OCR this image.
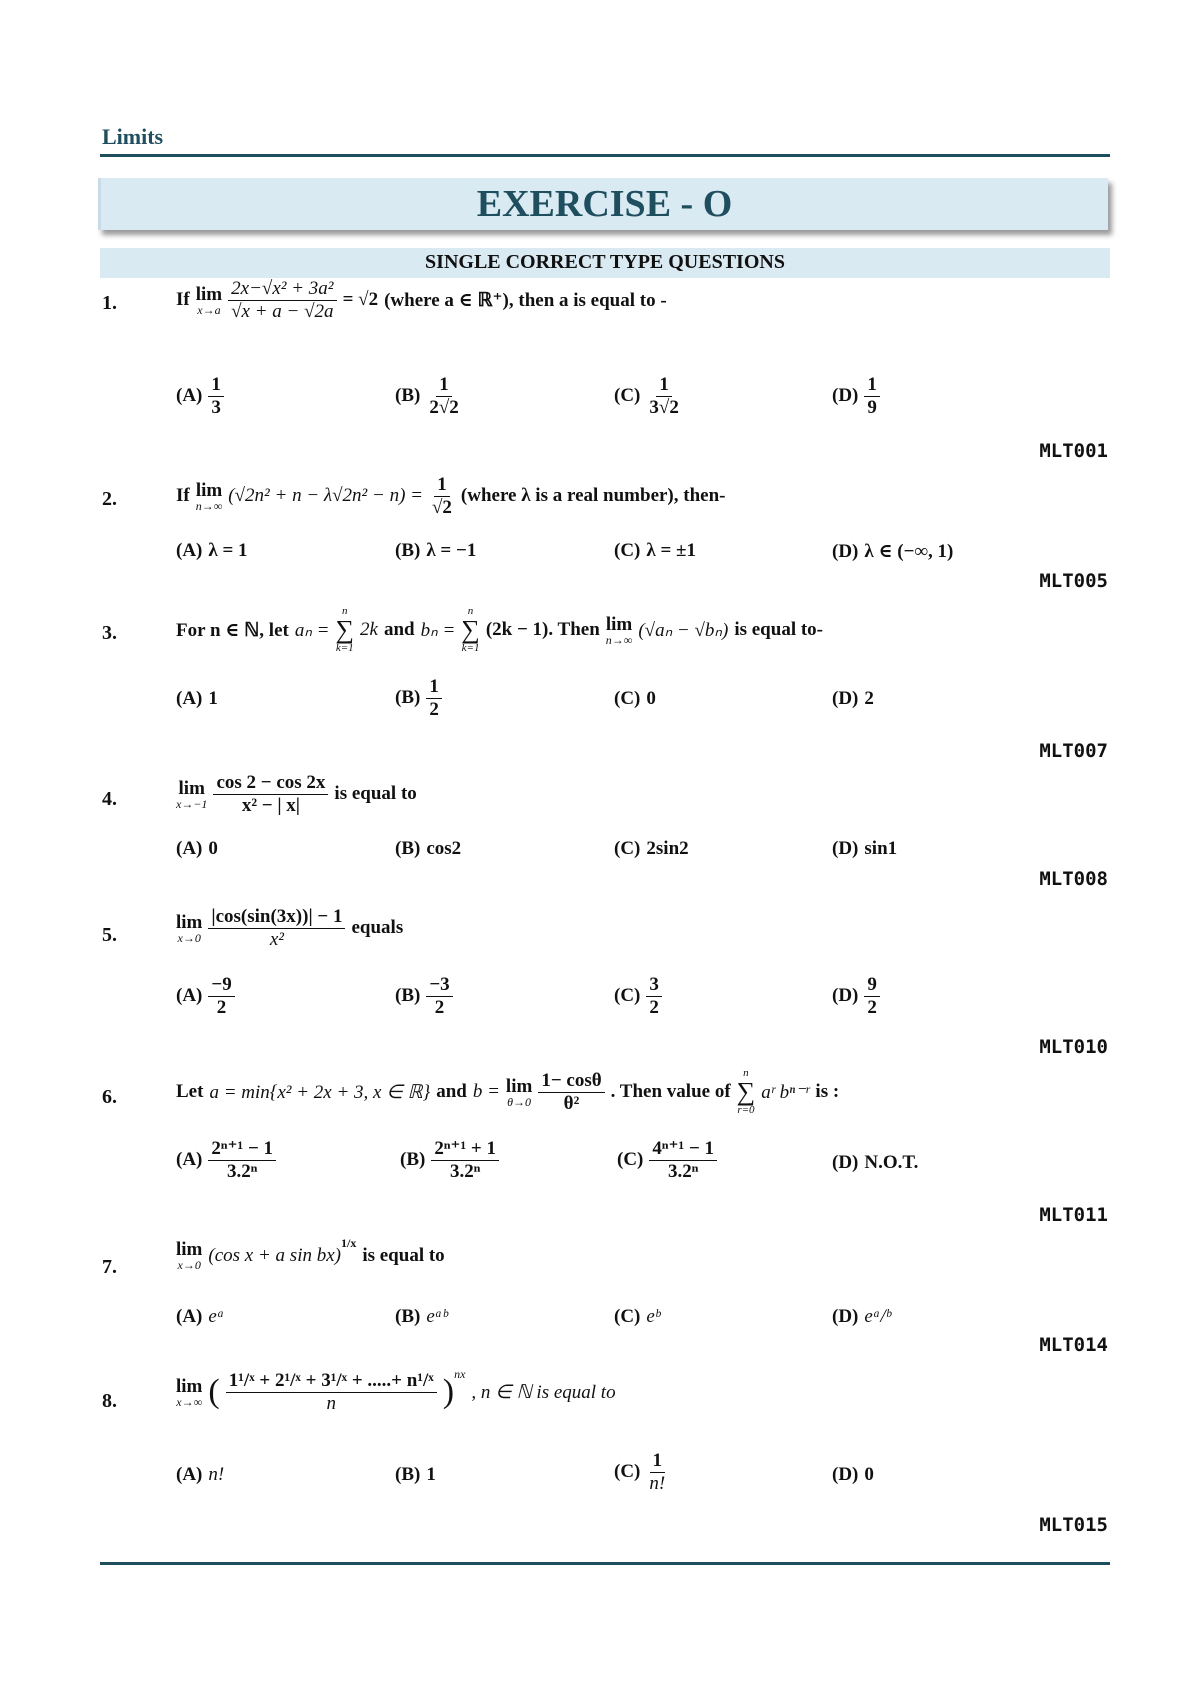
Limits
EXERCISE - O
SINGLE CORRECT TYPE QUESTIONS
1.	If lim
$x\to a \frac{\text{2x−√x² + 3a²}}{√x + a - √2a} = √2$ (where a ∈ ℝ⁺), then a is equal to -
$(A) \frac{1}{3}$	$(B) \frac{1}{2√2}$	$(C) \frac{1}{3√2}$	$(D) \frac{1}{9}$
MLT001
2.	If lim
n→∞ $(√2n^2 + n - \lambda√2n^2 - n) = \frac{1}{√2}$ (where λ is a real number), then-
(A) λ = 1	(B) λ = −1	(C) λ = ±1	(D) λ ∈ (−∞, 1)
MLT005
3.	For n ∈ ℕ, let aₙ =
n
∑
k=1
2k and bₙ =
n
∑
k=1
(2k − 1). Then lim
n→∞ (√aₙ − √bₙ) is equal to-
(A) 1	$(B) \frac{1}{2}$	(C) 0	(D) 2
MLT007
4.	lim
$x\to-1 \frac{\cos 2 - \cos 2x}{\text{x² − | x|}}$ is equal to
(A) 0	(B) cos2	(C) 2sin2	(D) sin1
MLT008
5.
lim
$x\to 0 \frac{|\cos(\sin(3x))| - 1}{\text{x²}}$ equals
$(A) \frac{-9}{2}$	$(B) \frac{-3}{2}$	$(C) \frac{3}{2}$	$(D) \frac{9}{2}$
MLT010
6.	Let a = min{x² + 2x + 3, x ∈ ℝ} and b = lim
$\theta\to 0 \frac{1- \cos\theta}{\text{θ²}}$ . Then value of
n
∑
r=0
aʳ bⁿ⁻ʳ is :
$(A) \frac{\text{2ⁿ⁺¹ − 1}}{\text{3.2ⁿ}}$	$(B) \frac{\text{2ⁿ⁺¹ + 1}}{\text{3.2ⁿ}}$	$(C) \frac{\text{4ⁿ⁺¹ − 1}}{\text{3.2ⁿ}}$	(D) N.O.T.
MLT011
7.
lim
x→0 (cos x + a sin bx)
1/x
is equal to
(A) eᵃ	(B) eᵃᵇ	(C) eᵇ	(D) eᵃ/ᵇ
MLT014
8.
lim
x→∞ ( $\frac{\text{1¹/ˣ + 2¹/ˣ + 3¹/ˣ + .....+ n¹/ˣ}}{n}$ ) nx
, n ∈ ℕ is equal to
(A) n!	(B) 1	$(C) \frac{1}{n!}$	(D) 0
MLT015
